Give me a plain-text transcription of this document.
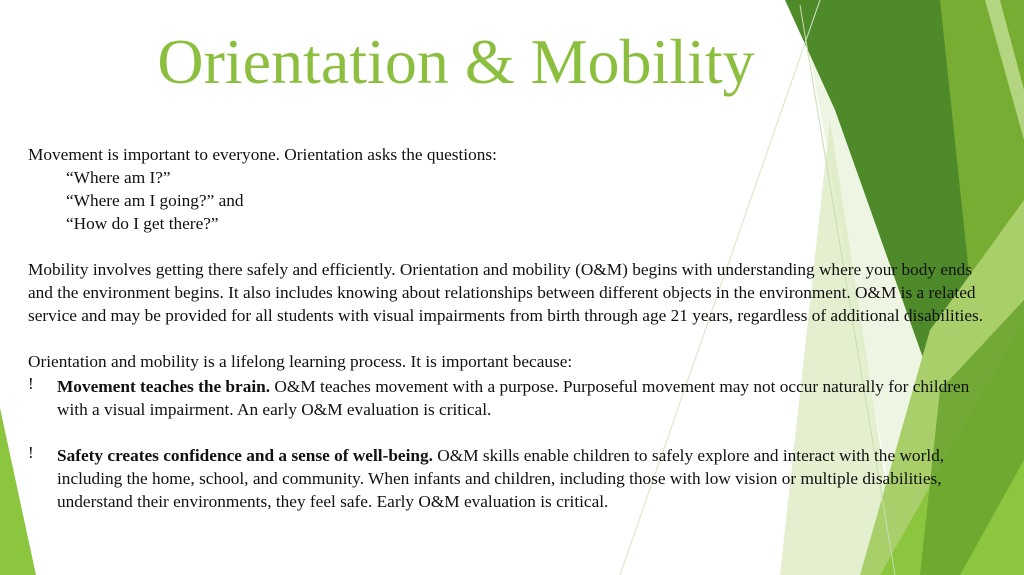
Orientation & Mobility
Movement is important to everyone. Orientation asks the questions:
“Where am I?”
“Where am I going?” and
“How do I get there?”
Mobility involves getting there safely and efficiently. Orientation and mobility (O&M) begins with understanding where your body ends and the environment begins. It also includes knowing about relationships between different objects in the environment. O&M is a related service and may be provided for all students with visual impairments from birth through age 21 years, regardless of additional disabilities.
Orientation and mobility is a lifelong learning process. It is important because:
! Movement teaches the brain. O&M teaches movement with a purpose. Purposeful movement may not occur naturally for children with a visual impairment. An early O&M evaluation is critical.
! Safety creates confidence and a sense of well-being. O&M skills enable children to safely explore and interact with the world, including the home, school, and community. When infants and children, including those with low vision or multiple disabilities, understand their environments, they feel safe. Early O&M evaluation is critical.
